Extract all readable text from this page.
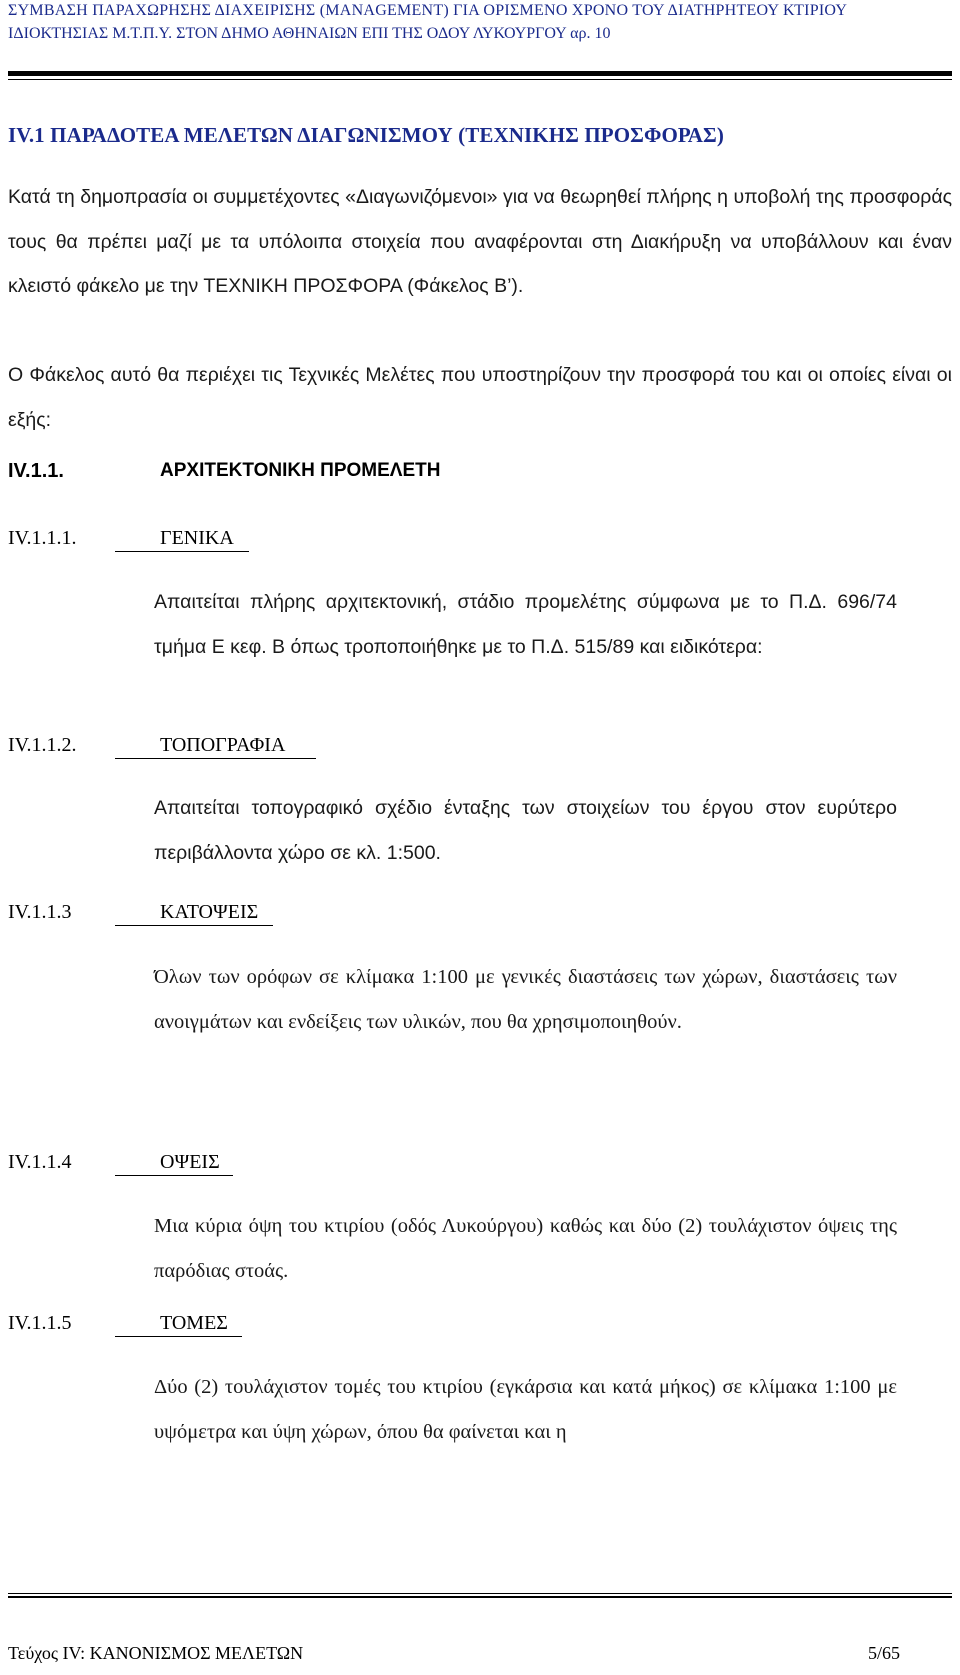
ΣΥΜΒΑΣΗ ΠΑΡΑΧΩΡΗΣΗΣ ΔΙΑΧΕΙΡΙΣΗΣ (MANAGEMENT) ΓΙΑ ΟΡΙΣΜΕΝΟ ΧΡΟΝΟ ΤΟΥ ΔΙΑΤΗΡΗΤΕΟΥ ΚΤΙΡΙΟΥ
ΙΔΙΟΚΤΗΣΙΑΣ Μ.Τ.Π.Υ. ΣΤΟΝ ΔΗΜΟ ΑΘΗΝΑΙΩΝ ΕΠΙ ΤΗΣ ΟΔΟΥ ΛΥΚΟΥΡΓΟΥ αρ. 10
IV.1 ΠΑΡΑΔΟΤΕΑ ΜΕΛΕΤΩΝ ΔΙΑΓΩΝΙΣΜΟΥ (ΤΕΧΝΙΚΗΣ ΠΡΟΣΦΟΡΑΣ)
Κατά τη δημοπρασία οι συμμετέχοντες «Διαγωνιζόμενοι» για να θεωρηθεί πλήρης η υποβολή της προσφοράς τους θα πρέπει μαζί με τα υπόλοιπα στοιχεία που αναφέρονται στη Διακήρυξη να υποβάλλουν και έναν κλειστό φάκελο με την ΤΕΧΝΙΚΗ ΠΡΟΣΦΟΡΑ (Φάκελος Β’).
Ο Φάκελος αυτό θα περιέχει τις Τεχνικές Μελέτες που υποστηρίζουν την προσφορά του και οι οποίες είναι οι εξής:
IV.1.1.	ΑΡΧΙΤΕΚΤΟΝΙΚΗ ΠΡΟΜΕΛΕΤΗ
IV.1.1.1.	ΓΕΝΙΚΑ
Απαιτείται πλήρης αρχιτεκτονική, στάδιο προμελέτης σύμφωνα με το Π.Δ. 696/74 τμήμα Ε κεφ. Β όπως τροποποιήθηκε με το Π.Δ. 515/89 και ειδικότερα:
IV.1.1.2.	ΤΟΠΟΓΡΑΦΙΑ
Απαιτείται τοπογραφικό σχέδιο ένταξης των στοιχείων του έργου στον ευρύτερο περιβάλλοντα χώρο σε κλ. 1:500.
IV.1.1.3	ΚΑΤΟΨΕΙΣ
Όλων των ορόφων σε κλίμακα 1:100 με γενικές διαστάσεις των χώρων, διαστάσεις των ανοιγμάτων και ενδείξεις των υλικών, που θα χρησιμοποιηθούν.
IV.1.1.4	ΟΨΕΙΣ
Μια κύρια όψη του κτιρίου (οδός Λυκούργου) καθώς και δύο (2) τουλάχιστον όψεις της παρόδιας στοάς.
IV.1.1.5	ΤΟΜΕΣ
Δύο (2) τουλάχιστον τομές του κτιρίου (εγκάρσια και κατά μήκος) σε κλίμακα 1:100 με υψόμετρα και ύψη χώρων, όπου θα φαίνεται και η
Τεύχος IV: ΚΑΝΟΝΙΣΜΟΣ ΜΕΛΕΤΩΝ	5/65
